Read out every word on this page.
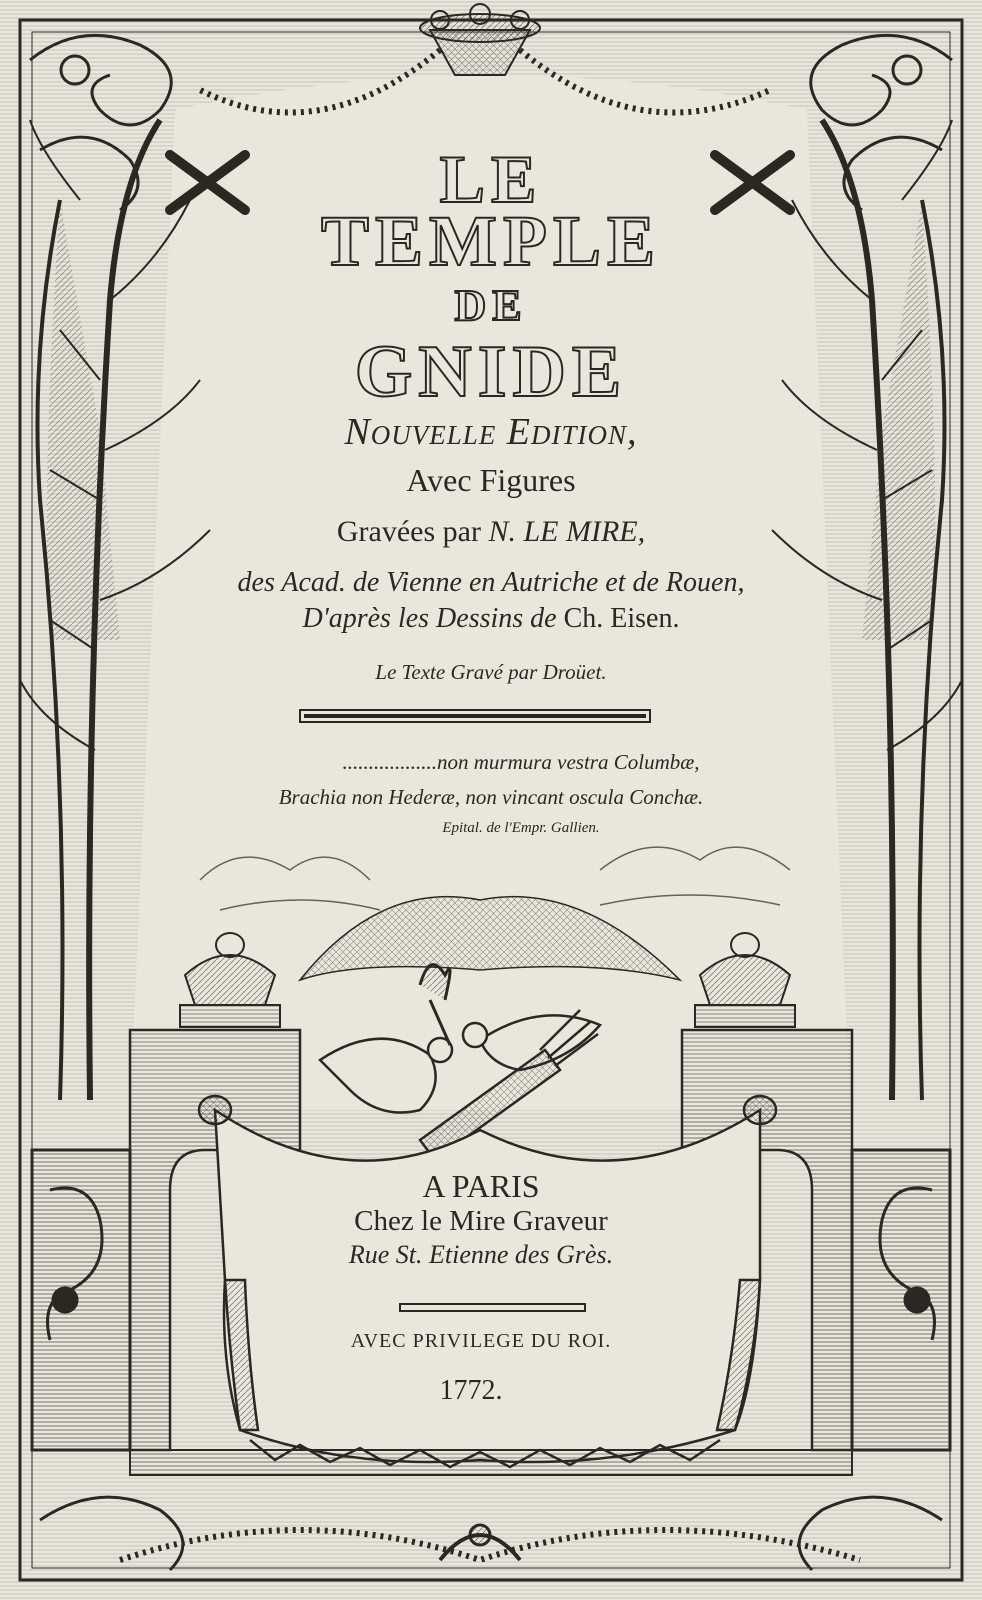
LE
TEMPLE
DE
GNIDE
Nouvelle Edition,
Avec Figures
Gravées par N. LE MIRE,
des Acad. de Vienne en Autriche et de Rouen,
D'après les Dessins de Ch. Eisen.
Le Texte Gravé par Droüet.
..................non murmura vestra Columbæ,
Brachia non Hederæ, non vincant oscula Conchæ.
Epital. de l'Empr. Gallien.
A PARIS
Chez le Mire Graveur
Rue St. Etienne des Grès.
AVEC PRIVILEGE DU ROI.
1772.
